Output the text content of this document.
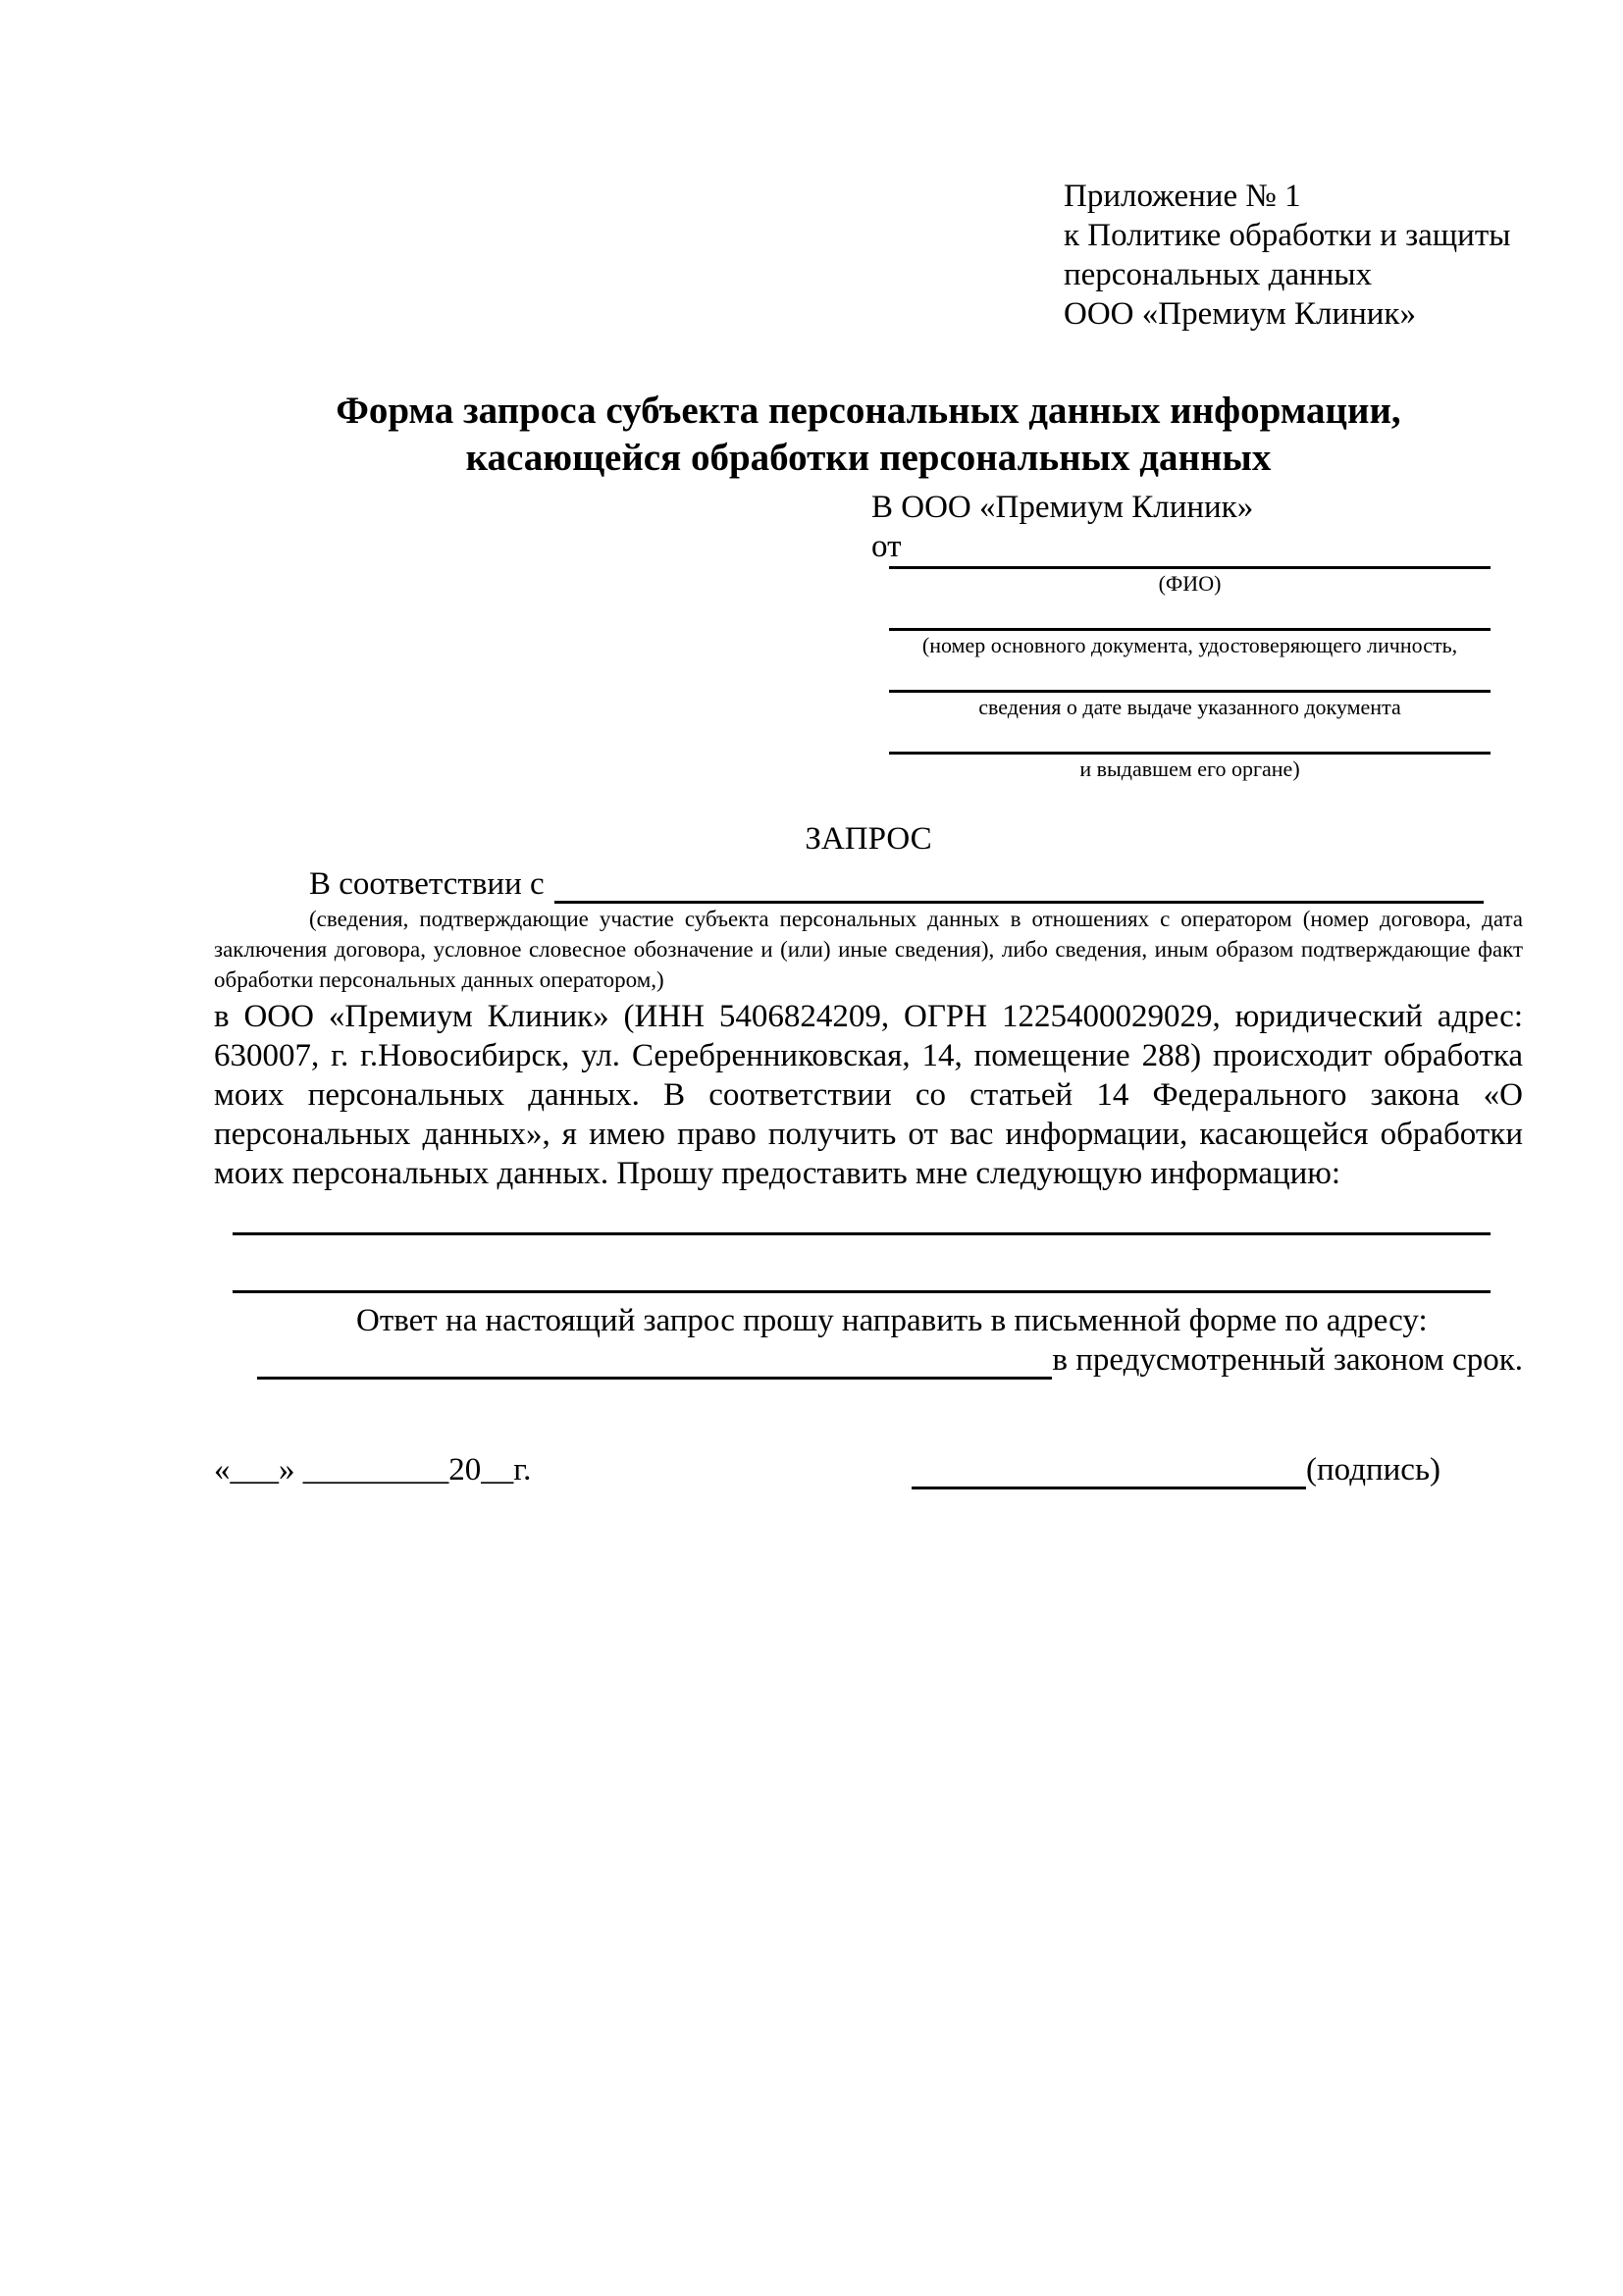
Приложение № 1
к Политике обработки и защиты
персональных данных
ООО «Премиум Клиник»
Форма запроса субъекта персональных данных информации,
касающейся обработки персональных данных
В ООО «Премиум Клиник»
от
(ФИО)
(номер основного документа, удостоверяющего личность,
сведения о дате выдаче указанного документа
и выдавшем его органе)
ЗАПРОС
В соответствии с

(сведения, подтверждающие участие субъекта персональных данных в отношениях с оператором (номер договора, дата заключения договора, условное словесное обозначение и (или) иные сведения), либо сведения, иным образом подтверждающие факт обработки персональных данных оператором,)

в ООО «Премиум Клиник» (ИНН 5406824209, ОГРН 1225400029029, юридический адрес: 630007, г. г.Новосибирск, ул. Серебренниковская, 14, помещение 288) происходит обработка моих персональных данных. В соответствии со статьей 14 Федерального закона «О персональных данных», я имею право получить от вас информации, касающейся обработки моих персональных данных. Прошу предоставить мне следующую информацию:

Ответ на настоящий запрос прошу направить в письменной форме по адресу:

в предусмотренный законом срок.
«___» _________20__г.	(подпись)
